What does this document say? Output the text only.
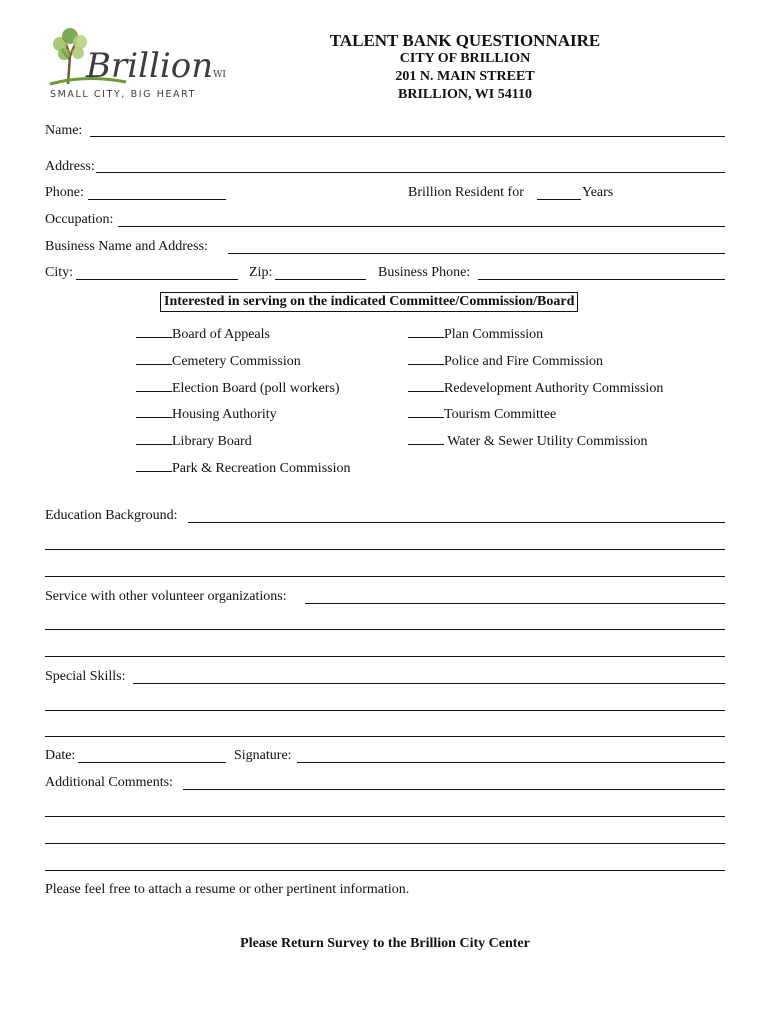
BrillionWI
SMALL CITY, BIG HEART
TALENT BANK QUESTIONNAIRE
CITY OF BRILLION
201 N. MAIN STREET
BRILLION, WI 54110
Name:
Address:
Phone:	Brillion Resident for	Years
Occupation:
Business Name and Address:
City:	Zip:	Business Phone:
Interested in serving on the indicated Committee/Commission/Board
Board of Appeals
Cemetery Commission
Election Board (poll workers)
Housing Authority
Library Board
Park & Recreation Commission
Plan Commission
Police and Fire Commission
Redevelopment Authority Commission
Tourism Committee
Water & Sewer Utility Commission
Education Background:
Service with other volunteer organizations:
Special Skills:
Date:	Signature:
Additional Comments:
Please feel free to attach a resume or other pertinent information.
Please Return Survey to the Brillion City Center
